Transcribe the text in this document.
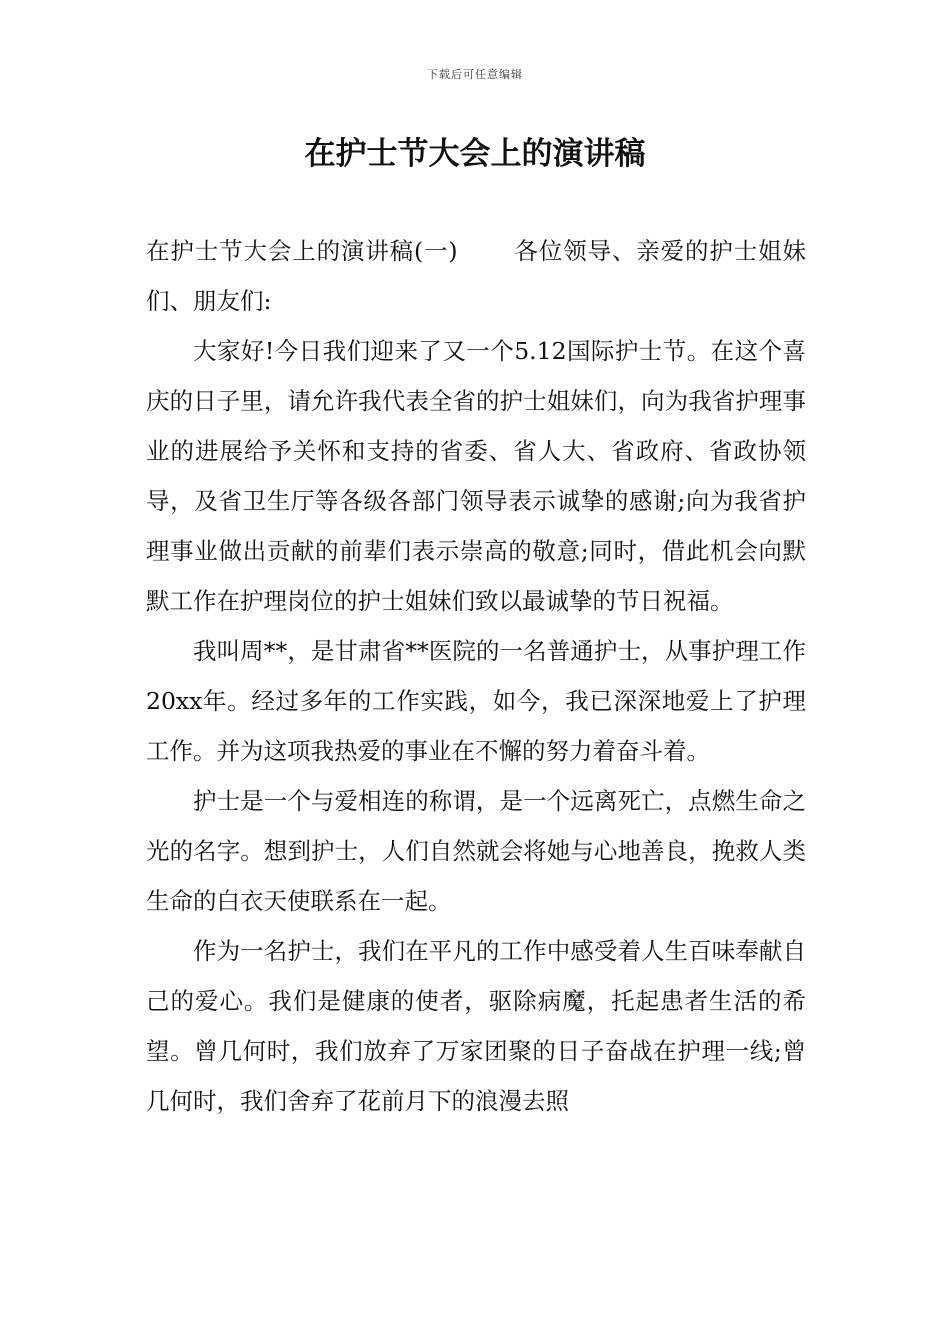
下载后可任意编辑
在护士节大会上的演讲稿

在护士节大会上的演讲稿(一) 各位领导、亲爱的护士姐妹们、朋友们:

大家好!今日我们迎来了又一个5.12国际护士节。在这个喜庆的日子里，请允许我代表全省的护士姐妹们，向为我省护理事业的进展给予关怀和支持的省委、省人大、省政府、省政协领导，及省卫生厅等各级各部门领导表示诚挚的感谢;向为我省护理事业做出贡献的前辈们表示崇高的敬意;同时，借此机会向默默工作在护理岗位的护士姐妹们致以最诚挚的节日祝福。

我叫周**，是甘肃省**医院的一名普通护士，从事护理工作20xx年。经过多年的工作实践，如今，我已深深地爱上了护理工作。并为这项我热爱的事业在不懈的努力着奋斗着。

护士是一个与爱相连的称谓，是一个远离死亡，点燃生命之光的名字。想到护士，人们自然就会将她与心地善良，挽救人类生命的白衣天使联系在一起。

作为一名护士，我们在平凡的工作中感受着人生百味奉献自己的爱心。我们是健康的使者，驱除病魔，托起患者生活的希望。曾几何时，我们放弃了万家团聚的日子奋战在护理一线;曾几何时，我们舍弃了花前月下的浪漫去照
